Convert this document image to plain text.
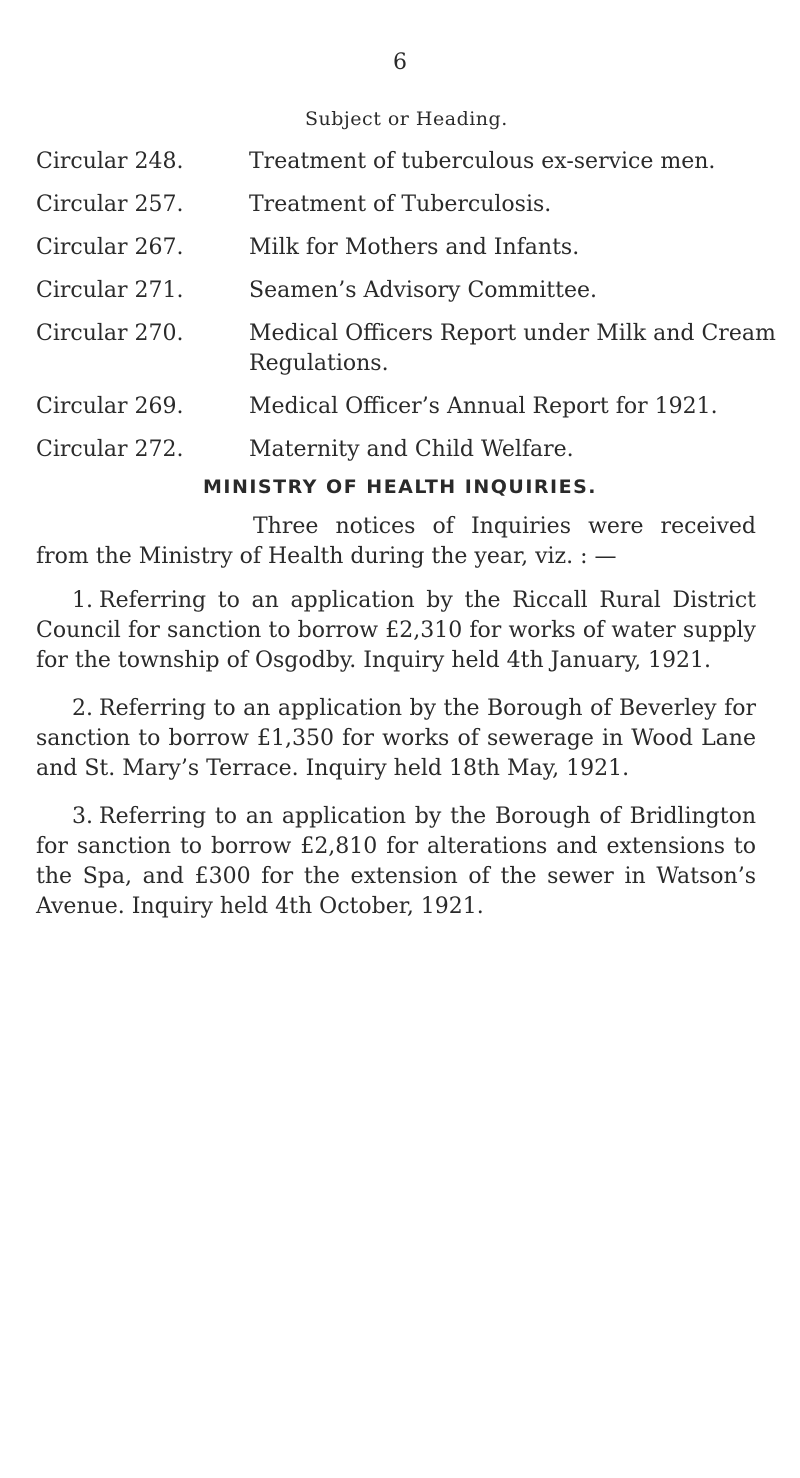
6
Subject or Heading.
Circular 248.	Treatment of tuberculous ex-service men.
Circular 257.	Treatment of Tuberculosis.
Circular 267.	Milk for Mothers and Infants.
Circular 271.	Seamen’s Advisory Committee.
Circular 270.	Medical Officers Report under Milk and Cream Regulations.
Circular 269.	Medical Officer’s Annual Report for 1921.
Circular 272.	Maternity and Child Welfare.
MINISTRY OF HEALTH INQUIRIES.

Three notices of Inquiries were received from the Ministry of Health during the year, viz. : —

1. Referring to an application by the Riccall Rural District Council for sanction to borrow £2,310 for works of water supply for the township of Osgodby. Inquiry held 4th January, 1921.

2. Referring to an application by the Borough of Beverley for sanction to borrow £1,350 for works of sewerage in Wood Lane and St. Mary’s Terrace. Inquiry held 18th May, 1921.

3. Referring to an application by the Borough of Bridlington for sanction to borrow £2,810 for alterations and extensions to the Spa, and £300 for the extension of the sewer in Watson’s Avenue. Inquiry held 4th October, 1921.
